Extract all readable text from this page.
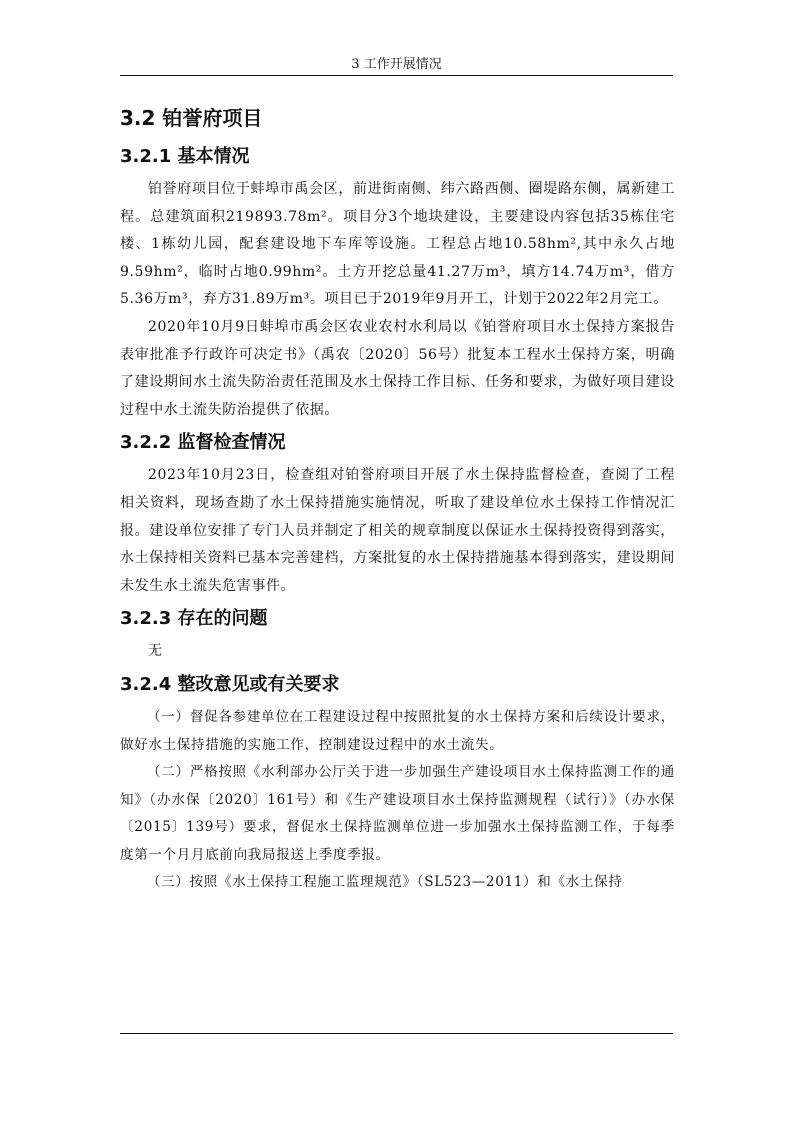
3 工作开展情况
3.2 铂誉府项目
3.2.1 基本情况

铂誉府项目位于蚌埠市禹会区，前进街南侧、纬六路西侧、圈堤路东侧，属新建工程。总建筑面积219893.78m²。项目分3个地块建设，主要建设内容包括35栋住宅楼、1栋幼儿园，配套建设地下车库等设施。工程总占地10.58hm²,其中永久占地9.59hm²，临时占地0.99hm²。土方开挖总量41.27万m³，填方14.74万m³，借方5.36万m³，弃方31.89万m³。项目已于2019年9月开工，计划于2022年2月完工。

2020年10月9日蚌埠市禹会区农业农村水利局以《铂誉府项目水土保持方案报告表审批准予行政许可决定书》（禹农〔2020〕56号）批复本工程水土保持方案，明确了建设期间水土流失防治责任范围及水土保持工作目标、任务和要求，为做好项目建设过程中水土流失防治提供了依据。

3.2.2 监督检查情况

2023年10月23日，检查组对铂誉府项目开展了水土保持监督检查，查阅了工程相关资料，现场查勘了水土保持措施实施情况，听取了建设单位水土保持工作情况汇报。建设单位安排了专门人员并制定了相关的规章制度以保证水土保持投资得到落实，水土保持相关资料已基本完善建档，方案批复的水土保持措施基本得到落实，建设期间未发生水土流失危害事件。

3.2.3 存在的问题

无

3.2.4 整改意见或有关要求

（一）督促各参建单位在工程建设过程中按照批复的水土保持方案和后续设计要求，做好水土保持措施的实施工作，控制建设过程中的水土流失。

（二）严格按照《水利部办公厅关于进一步加强生产建设项目水土保持监测工作的通知》（办水保〔2020〕161号）和《生产建设项目水土保持监测规程（试行）》（办水保〔2015〕139号）要求，督促水土保持监测单位进一步加强水土保持监测工作，于每季度第一个月月底前向我局报送上季度季报。

（三）按照《水土保持工程施工监理规范》（SL523—2011）和《水土保持
